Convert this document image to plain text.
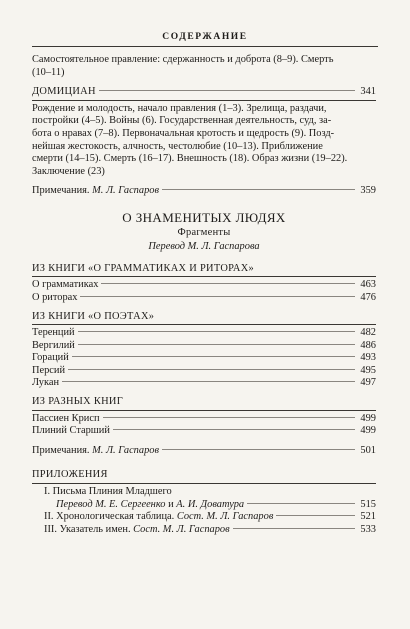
СОДЕРЖАНИЕ

Самостоятельное правление: сдержанность и доброта (8–9). Смерть
(10–11)

ДОМИЦИАН	341

Рождение и молодость, начало правления (1–3). Зрелища, раздачи,
постройки (4–5). Войны (6). Государственная деятельность, суд, за-
бота о нравах (7–8). Первоначальная кротость и щедрость (9). Позд-
нейшая жестокость, алчность, честолюбие (10–13). Приближение
смерти (14–15). Смерть (16–17). Внешность (18). Образ жизни (19–22).
Заключение (23)

Примечания.
М. Л. Гаспаров	359
О ЗНАМЕНИТЫХ ЛЮДЯХ
Фрагменты
Перевод М. Л. Гаспарова
ИЗ КНИГИ «О ГРАММАТИКАХ И РИТОРАХ»
О грамматиках	463
О риторах	476
ИЗ КНИГИ «О ПОЭТАХ»
Теренций	482
Вергилий	486
Гораций	493
Персий	495
Лукан	497
ИЗ РАЗНЫХ КНИГ
Пассиен Крисп	499
Плиний Старший	499
Примечания.
М. Л. Гаспаров	501
ПРИЛОЖЕНИЯ
I. Письма Плиния Младшего
Перевод М. Е. Сергеенко
и
А. И. Доватура	515
II. Хронологическая таблица.
Сост. М. Л. Гаспаров	521
III. Указатель имен.
Сост. М. Л. Гаспаров	533
